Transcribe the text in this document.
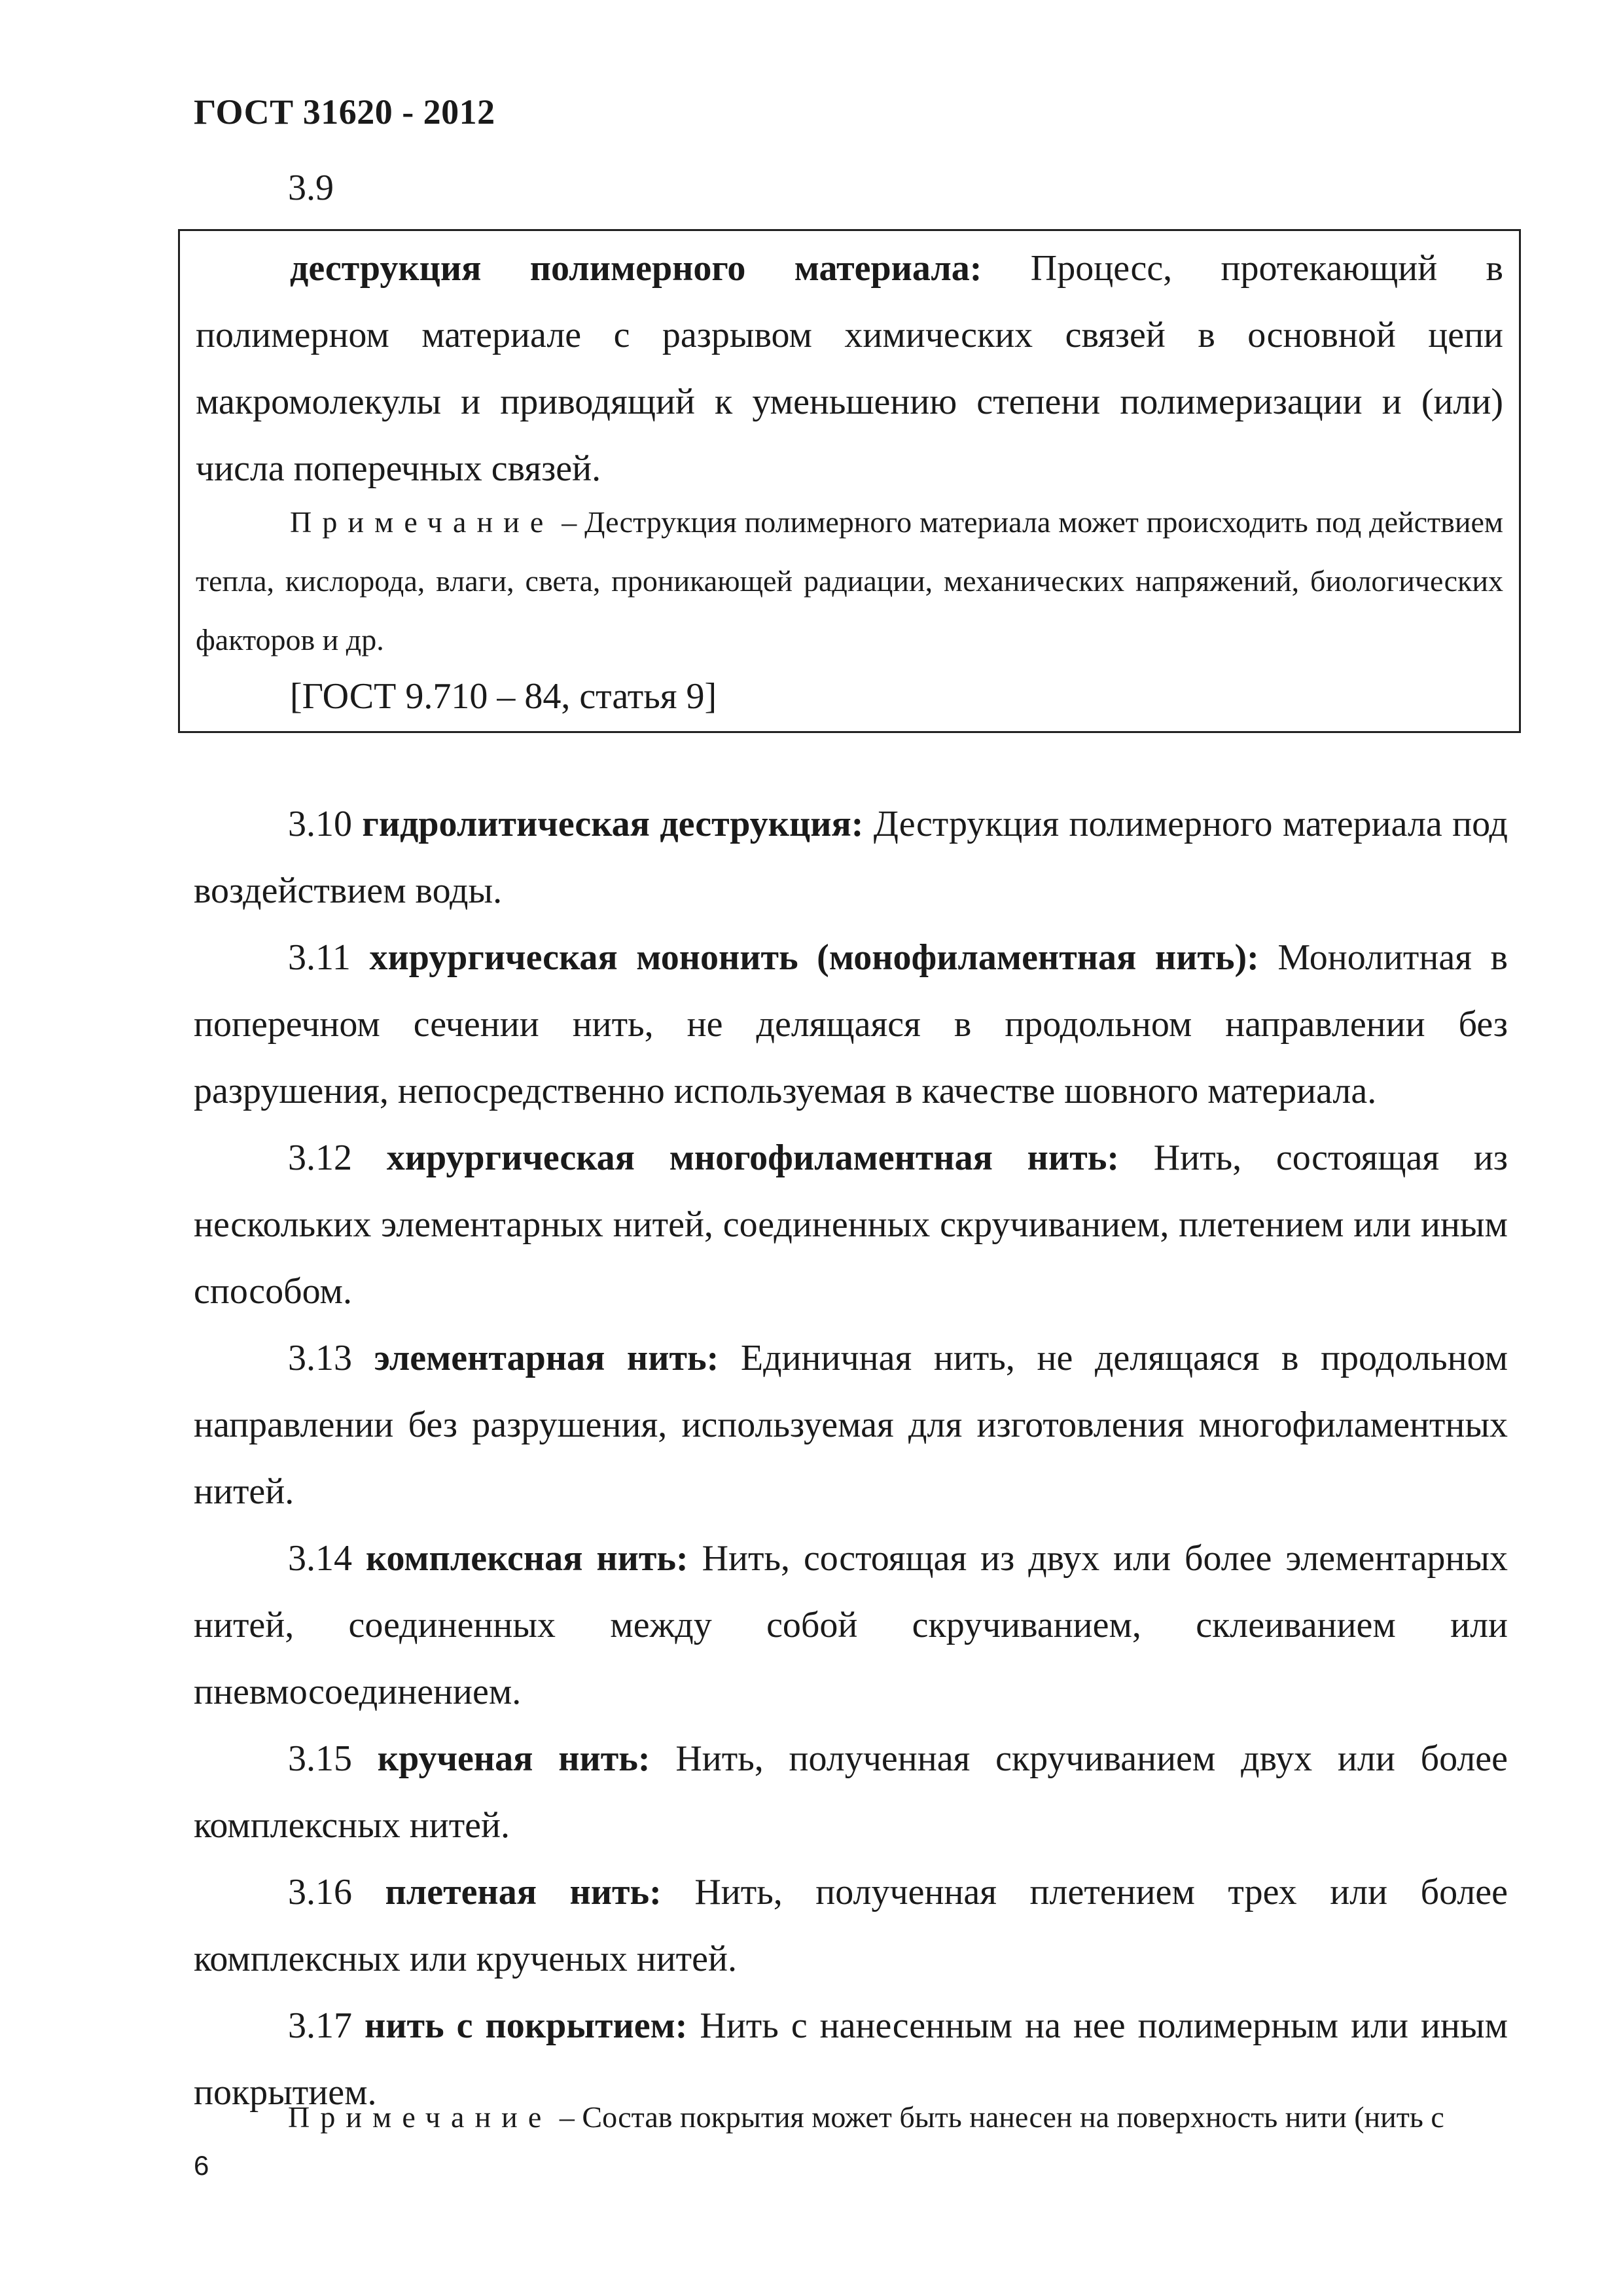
ГОСТ 31620 - 2012
3.9

деструкция полимерного материала: Процесс, протекающий в полимерном материале с разрывом химических связей в основной цепи макромолекулы и приводящий к уменьшению степени полимеризации и (или) числа поперечных связей.

Примечание – Деструкция полимерного материала может происходить под действием тепла, кислорода, влаги, света, проникающей радиации, механических напряжений, биологических факторов и др.

[ГОСТ 9.710 – 84, статья 9]

3.10 гидролитическая деструкция: Деструкция полимерного материала под воздействием воды.

3.11 хирургическая мононить (монофиламентная нить): Монолитная в поперечном сечении нить, не делящаяся в продольном направлении без разрушения, непосредственно используемая в качестве шовного материала.

3.12 хирургическая многофиламентная нить: Нить, состоящая из нескольких элементарных нитей, соединенных скручиванием, плетением или иным способом.

3.13 элементарная нить: Единичная нить, не делящаяся в продольном направлении без разрушения, используемая для изготовления многофиламентных нитей.

3.14 комплексная нить: Нить, состоящая из двух или более элементарных нитей, соединенных между собой скручиванием, склеиванием или пневмосоединением.

3.15 крученая нить: Нить, полученная скручиванием двух или более комплексных нитей.

3.16 плетеная нить: Нить, полученная плетением трех или более комплексных или крученых нитей.

3.17 нить с покрытием: Нить с нанесенным на нее полимерным или иным покрытием.

Примечание – Состав покрытия может быть нанесен на поверхность нити (нить с

6
